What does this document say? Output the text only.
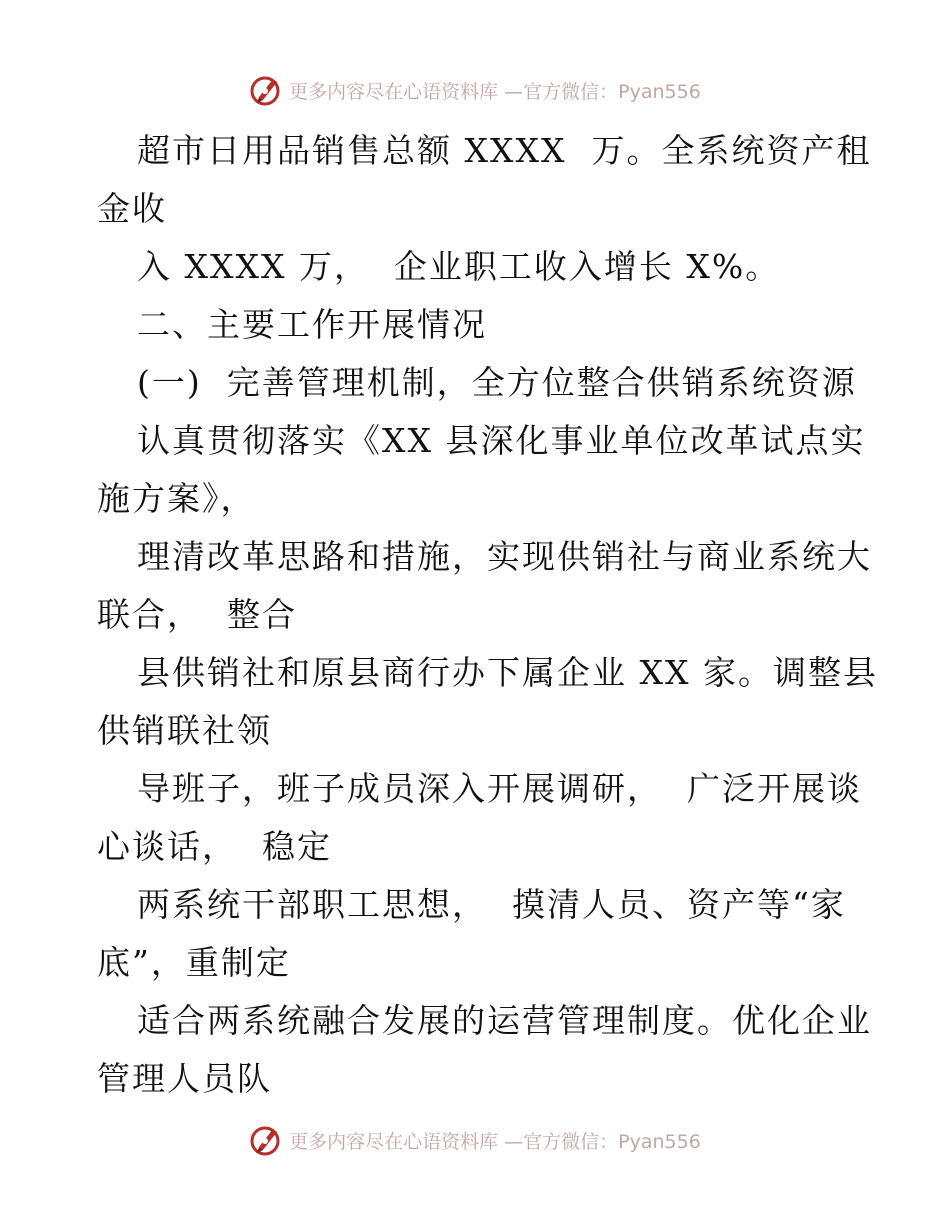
更多内容尽在心语资料库 —官方微信：Pyan556
超市日用品销售总额 XXXX  万。全系统资产租
金收
入 XXXX 万，  企业职工收入增长 X%。
二、主要工作开展情况
(一)  完善管理机制，全方位整合供销系统资源
认真贯彻落实《XX 县深化事业单位改革试点实
施方案》，
理清改革思路和措施，实现供销社与商业系统大
联合，  整合
县供销社和原县商行办下属企业 XX 家。调整县
供销联社领
导班子，班子成员深入开展调研，  广泛开展谈
心谈话，  稳定
两系统干部职工思想，  摸清人员、资产等“家
底”，重制定
适合两系统融合发展的运营管理制度。优化企业
管理人员队
更多内容尽在心语资料库 —官方微信：Pyan556
